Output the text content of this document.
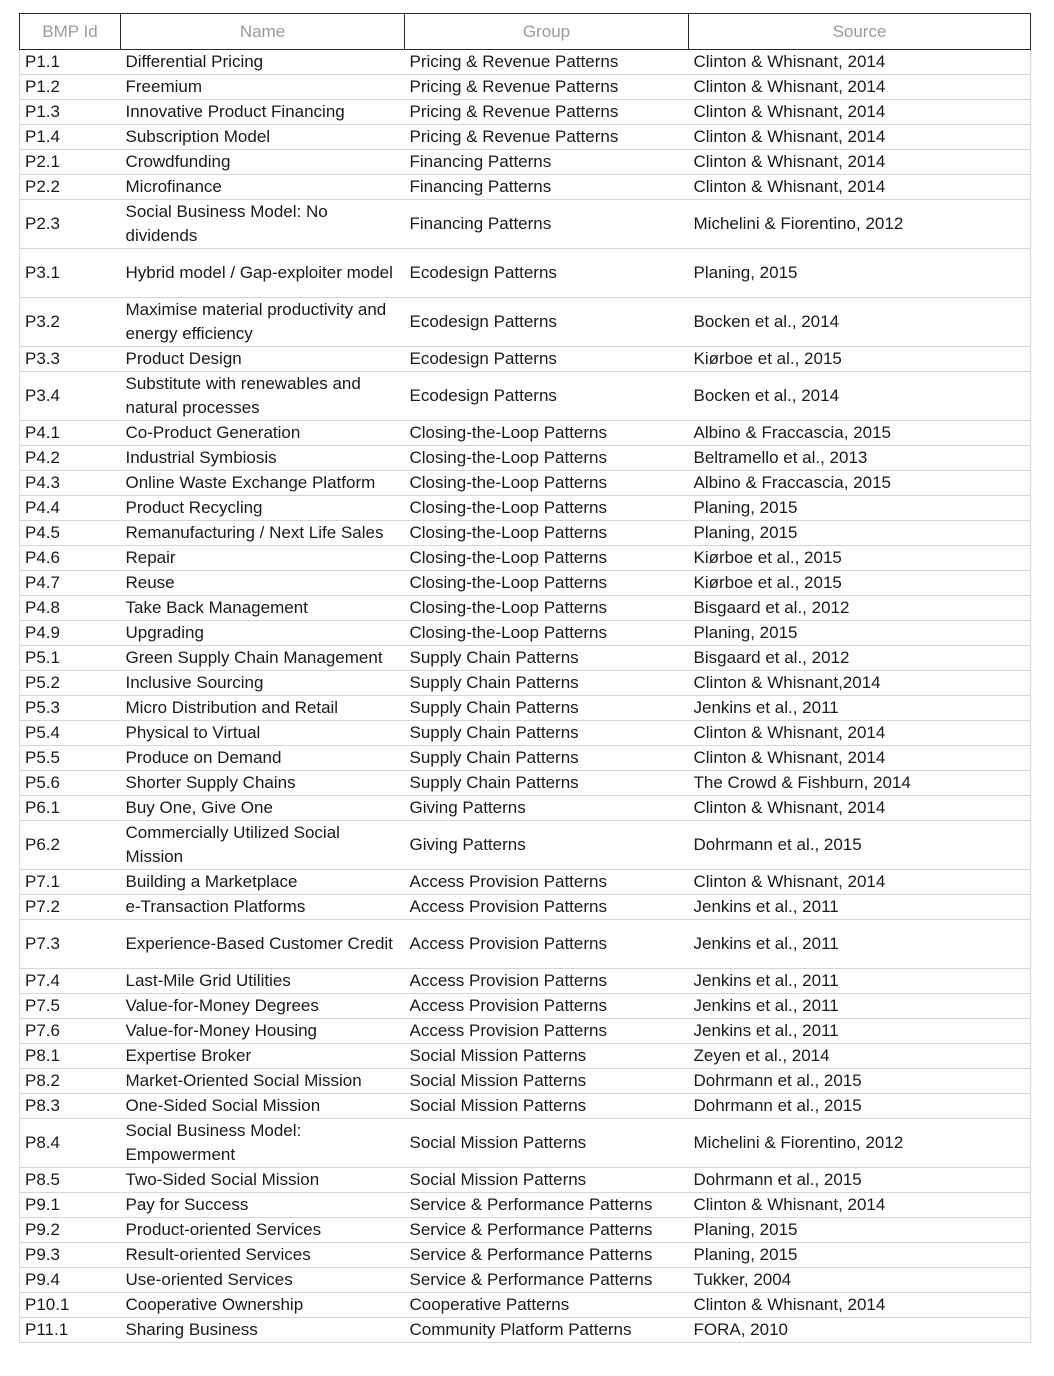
BMP Id	Name	Group	Source
P1.1	Differential Pricing	Pricing & Revenue Patterns	Clinton & Whisnant, 2014
P1.2	Freemium	Pricing & Revenue Patterns	Clinton & Whisnant, 2014
P1.3	Innovative Product Financing	Pricing & Revenue Patterns	Clinton & Whisnant, 2014
P1.4	Subscription Model	Pricing & Revenue Patterns	Clinton & Whisnant, 2014
P2.1	Crowdfunding	Financing Patterns	Clinton & Whisnant, 2014
P2.2	Microfinance	Financing Patterns	Clinton & Whisnant, 2014
P2.3	Social Business Model: No dividends	Financing Patterns	Michelini & Fiorentino, 2012
P3.1	Hybrid model / Gap-exploiter model	Ecodesign Patterns	Planing, 2015
P3.2	Maximise material productivity and energy efficiency	Ecodesign Patterns	Bocken et al., 2014
P3.3	Product Design	Ecodesign Patterns	Kiørboe et al., 2015
P3.4	Substitute with renewables and natural processes	Ecodesign Patterns	Bocken et al., 2014
P4.1	Co-Product Generation	Closing-the-Loop Patterns	Albino & Fraccascia, 2015
P4.2	Industrial Symbiosis	Closing-the-Loop Patterns	Beltramello et al., 2013
P4.3	Online Waste Exchange Platform	Closing-the-Loop Patterns	Albino & Fraccascia, 2015
P4.4	Product Recycling	Closing-the-Loop Patterns	Planing, 2015
P4.5	Remanufacturing / Next Life Sales	Closing-the-Loop Patterns	Planing, 2015
P4.6	Repair	Closing-the-Loop Patterns	Kiørboe et al., 2015
P4.7	Reuse	Closing-the-Loop Patterns	Kiørboe et al., 2015
P4.8	Take Back Management	Closing-the-Loop Patterns	Bisgaard et al., 2012
P4.9	Upgrading	Closing-the-Loop Patterns	Planing, 2015
P5.1	Green Supply Chain Management	Supply Chain Patterns	Bisgaard et al., 2012
P5.2	Inclusive Sourcing	Supply Chain Patterns	Clinton & Whisnant,2014
P5.3	Micro Distribution and Retail	Supply Chain Patterns	Jenkins et al., 2011
P5.4	Physical to Virtual	Supply Chain Patterns	Clinton & Whisnant, 2014
P5.5	Produce on Demand	Supply Chain Patterns	Clinton & Whisnant, 2014
P5.6	Shorter Supply Chains	Supply Chain Patterns	The Crowd & Fishburn, 2014
P6.1	Buy One, Give One	Giving Patterns	Clinton & Whisnant, 2014
P6.2	Commercially Utilized Social Mission	Giving Patterns	Dohrmann et al., 2015
P7.1	Building a Marketplace	Access Provision Patterns	Clinton & Whisnant, 2014
P7.2	e-Transaction Platforms	Access Provision Patterns	Jenkins et al., 2011
P7.3	Experience-Based Customer Credit	Access Provision Patterns	Jenkins et al., 2011
P7.4	Last-Mile Grid Utilities	Access Provision Patterns	Jenkins et al., 2011
P7.5	Value-for-Money Degrees	Access Provision Patterns	Jenkins et al., 2011
P7.6	Value-for-Money Housing	Access Provision Patterns	Jenkins et al., 2011
P8.1	Expertise Broker	Social Mission Patterns	Zeyen et al., 2014
P8.2	Market-Oriented Social Mission	Social Mission Patterns	Dohrmann et al., 2015
P8.3	One-Sided Social Mission	Social Mission Patterns	Dohrmann et al., 2015
P8.4	Social Business Model: Empowerment	Social Mission Patterns	Michelini & Fiorentino, 2012
P8.5	Two-Sided Social Mission	Social Mission Patterns	Dohrmann et al., 2015
P9.1	Pay for Success	Service & Performance Patterns	Clinton & Whisnant, 2014
P9.2	Product-oriented Services	Service & Performance Patterns	Planing, 2015
P9.3	Result-oriented Services	Service & Performance Patterns	Planing, 2015
P9.4	Use-oriented Services	Service & Performance Patterns	Tukker, 2004
P10.1	Cooperative Ownership	Cooperative Patterns	Clinton & Whisnant, 2014
P11.1	Sharing Business	Community Platform Patterns	FORA, 2010
